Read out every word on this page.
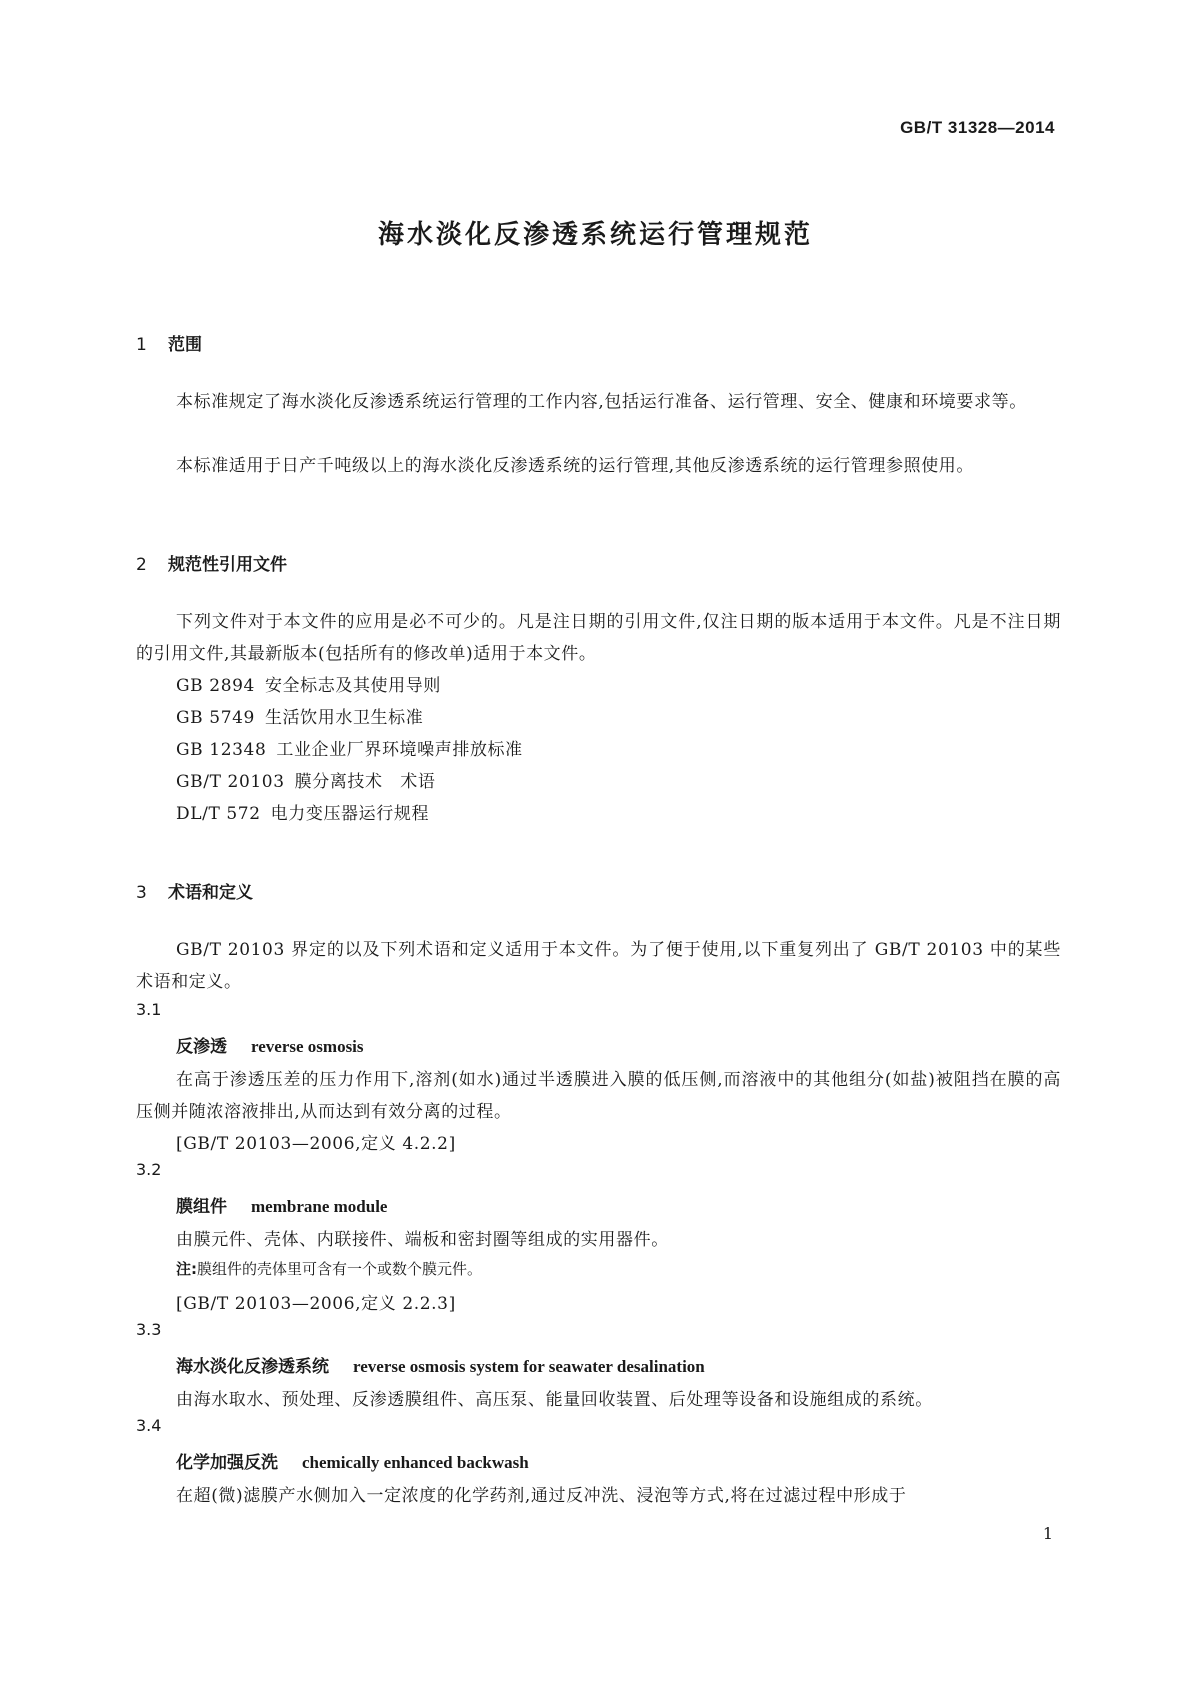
GB/T 31328—2014
海水淡化反渗透系统运行管理规范
1 范围
本标准规定了海水淡化反渗透系统运行管理的工作内容,包括运行准备、运行管理、安全、健康和环境要求等。
本标准适用于日产千吨级以上的海水淡化反渗透系统的运行管理,其他反渗透系统的运行管理参照使用。
2 规范性引用文件
下列文件对于本文件的应用是必不可少的。凡是注日期的引用文件,仅注日期的版本适用于本文件。凡是不注日期的引用文件,其最新版本(包括所有的修改单)适用于本文件。
GB 2894 安全标志及其使用导则
GB 5749 生活饮用水卫生标准
GB 12348 工业企业厂界环境噪声排放标准
GB/T 20103 膜分离技术　术语
DL/T 572 电力变压器运行规程
3 术语和定义
GB/T 20103 界定的以及下列术语和定义适用于本文件。为了便于使用,以下重复列出了 GB/T 20103 中的某些术语和定义。
3.1
反渗透 reverse osmosis
在高于渗透压差的压力作用下,溶剂(如水)通过半透膜进入膜的低压侧,而溶液中的其他组分(如盐)被阻挡在膜的高压侧并随浓溶液排出,从而达到有效分离的过程。
[GB/T 20103—2006,定义 4.2.2]
3.2
膜组件 membrane module
由膜元件、壳体、内联接件、端板和密封圈等组成的实用器件。
注:膜组件的壳体里可含有一个或数个膜元件。
[GB/T 20103—2006,定义 2.2.3]
3.3
海水淡化反渗透系统 reverse osmosis system for seawater desalination
由海水取水、预处理、反渗透膜组件、高压泵、能量回收装置、后处理等设备和设施组成的系统。
3.4
化学加强反洗 chemically enhanced backwash
在超(微)滤膜产水侧加入一定浓度的化学药剂,通过反冲洗、浸泡等方式,将在过滤过程中形成于
1
